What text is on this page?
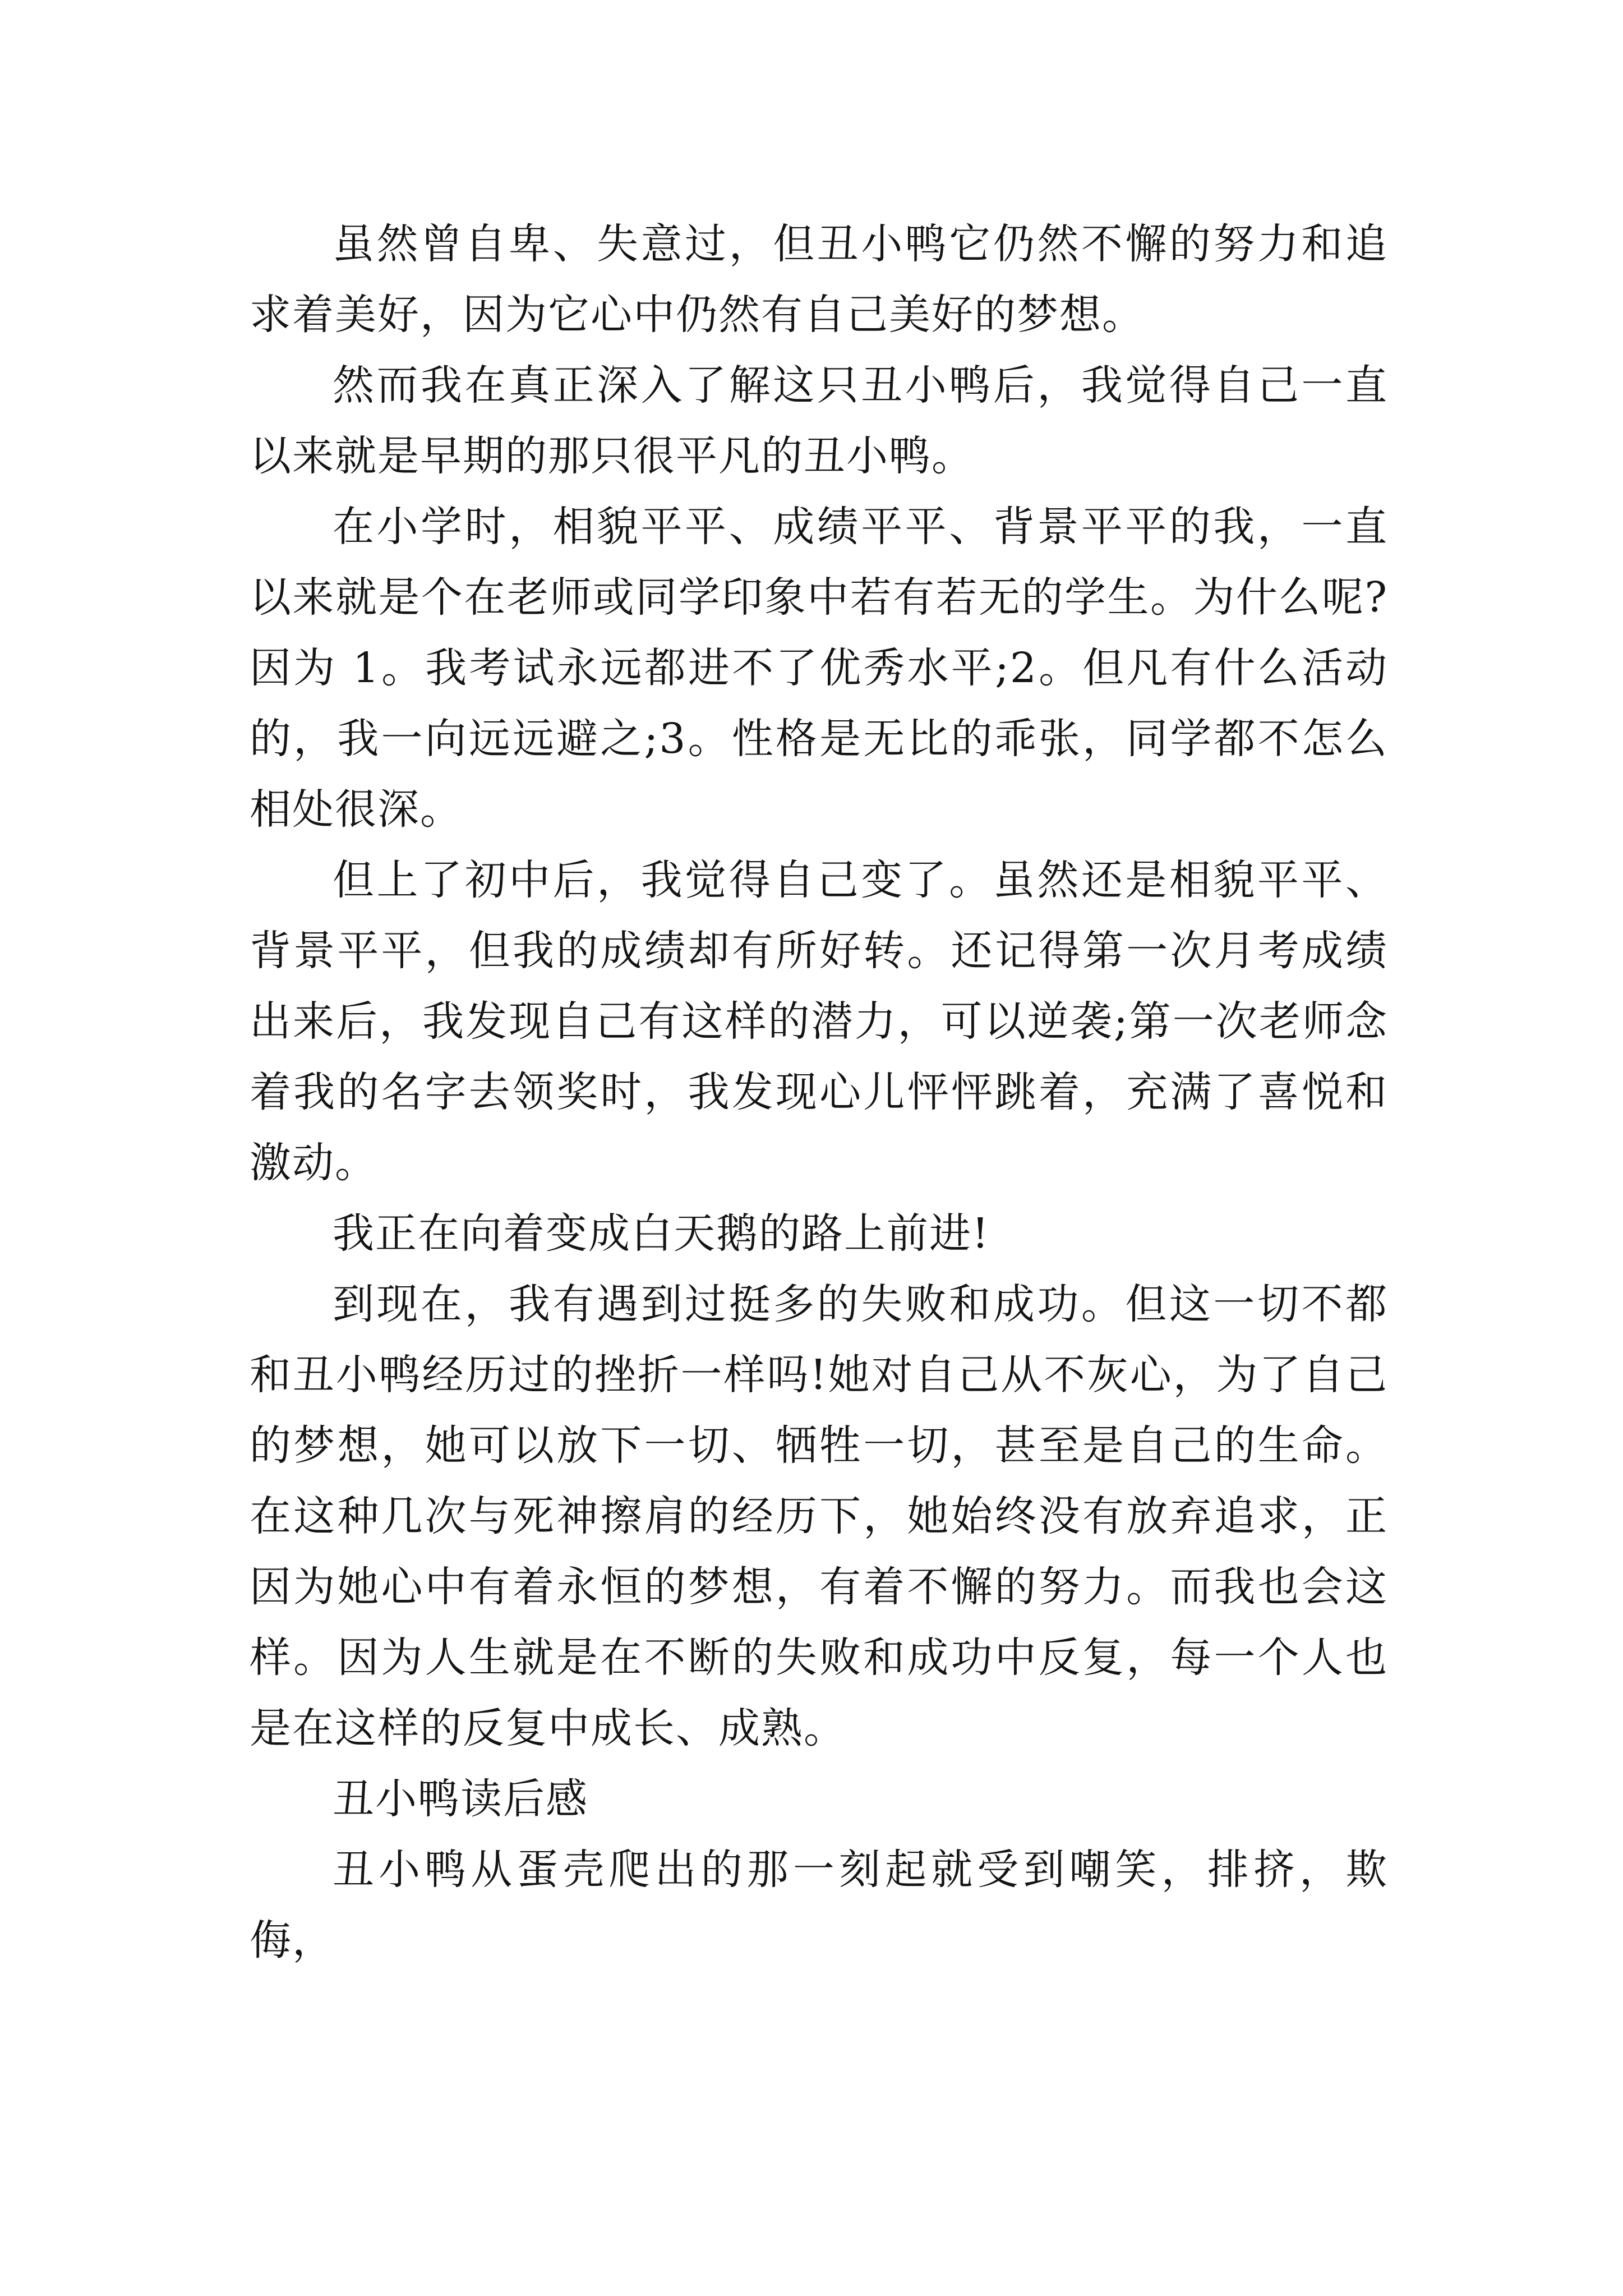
虽然曾自卑、失意过，但丑小鸭它仍然不懈的努力和追求着美好，因为它心中仍然有自己美好的梦想。

然而我在真正深入了解这只丑小鸭后，我觉得自己一直以来就是早期的那只很平凡的丑小鸭。

在小学时，相貌平平、成绩平平、背景平平的我，一直以来就是个在老师或同学印象中若有若无的学生。为什么呢?因为 1。我考试永远都进不了优秀水平;2。但凡有什么活动的，我一向远远避之;3。性格是无比的乖张，同学都不怎么相处很深。

但上了初中后，我觉得自己变了。虽然还是相貌平平、背景平平，但我的成绩却有所好转。还记得第一次月考成绩出来后，我发现自己有这样的潜力，可以逆袭;第一次老师念着我的名字去领奖时，我发现心儿怦怦跳着，充满了喜悦和激动。

我正在向着变成白天鹅的路上前进!

到现在，我有遇到过挺多的失败和成功。但这一切不都和丑小鸭经历过的挫折一样吗!她对自己从不灰心，为了自己的梦想，她可以放下一切、牺牲一切，甚至是自己的生命。在这种几次与死神擦肩的经历下，她始终没有放弃追求，正因为她心中有着永恒的梦想，有着不懈的努力。而我也会这样。因为人生就是在不断的失败和成功中反复，每一个人也是在这样的反复中成长、成熟。

丑小鸭读后感

丑小鸭从蛋壳爬出的那一刻起就受到嘲笑，排挤，欺侮，
